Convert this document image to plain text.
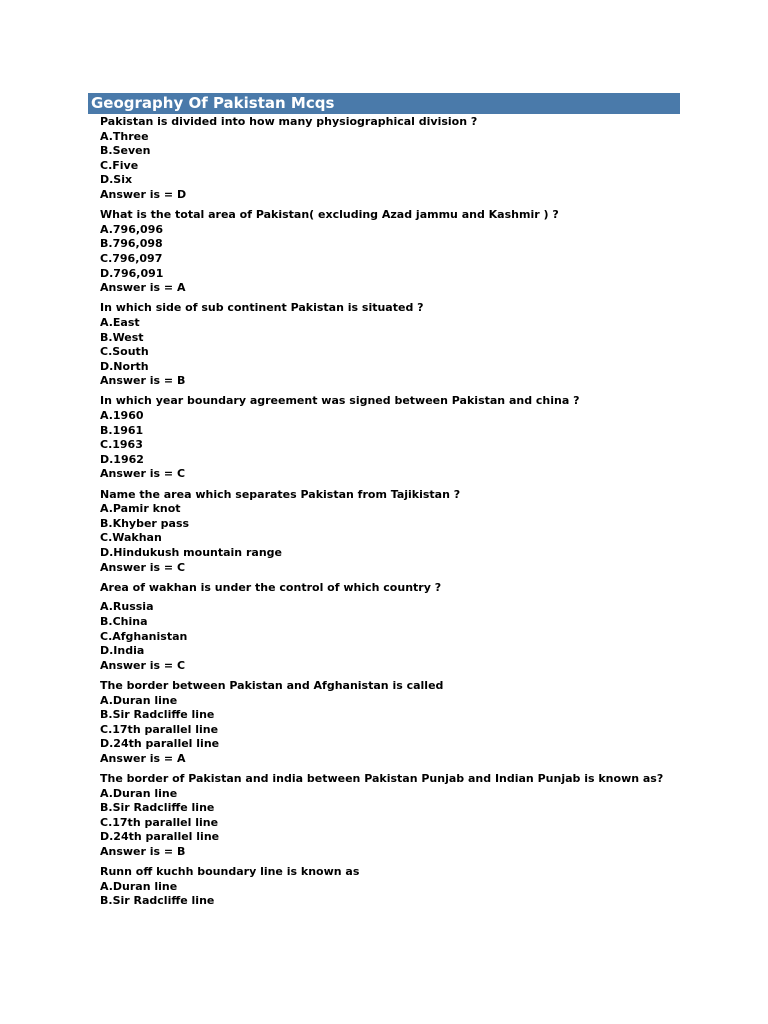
Geography Of Pakistan Mcqs
Pakistan is divided into how many physiographical division ?
A.Three
B.Seven
C.Five
D.Six
Answer is = D
What is the total area of Pakistan( excluding Azad jammu and Kashmir ) ?
A.796,096
B.796,098
C.796,097
D.796,091
Answer is = A
In which side of sub continent Pakistan is situated ?
A.East
B.West
C.South
D.North
Answer is = B
In which year boundary agreement was signed between Pakistan and china ?
A.1960
B.1961
C.1963
D.1962
Answer is = C
Name the area which separates Pakistan from Tajikistan ?
A.Pamir knot
B.Khyber pass
C.Wakhan
D.Hindukush mountain range
Answer is = C
Area of wakhan is under the control of which country ?
A.Russia
B.China
C.Afghanistan
D.India
Answer is = C
The border between Pakistan and Afghanistan is called
A.Duran line
B.Sir Radcliffe line
C.17th parallel line
D.24th parallel line
Answer is = A
The border of Pakistan and india between Pakistan Punjab and Indian Punjab is known as?
A.Duran line
B.Sir Radcliffe line
C.17th parallel line
D.24th parallel line
Answer is = B
Runn off kuchh boundary line is known as
A.Duran line
B.Sir Radcliffe line
